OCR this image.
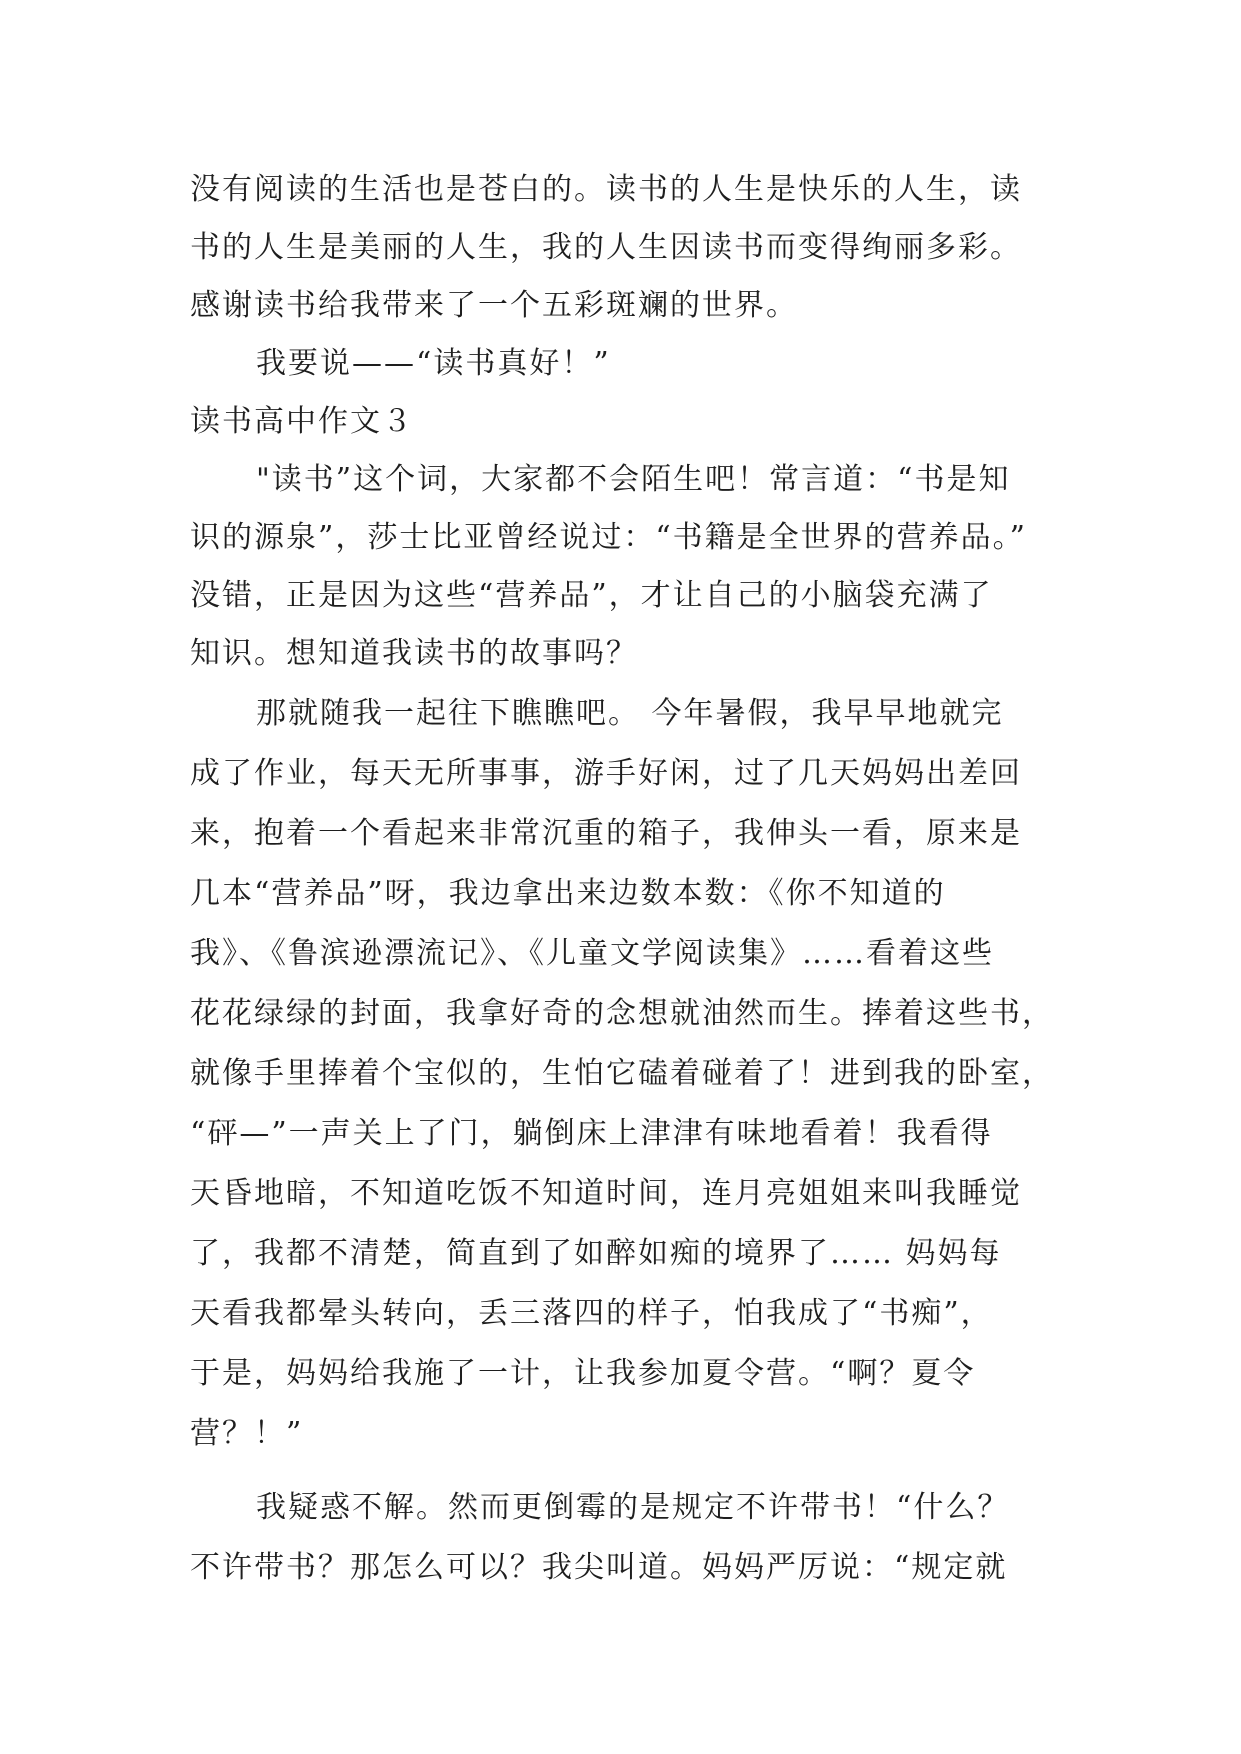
没有阅读的生活也是苍白的。读书的人生是快乐的人生，读
书的人生是美丽的人生，我的人生因读书而变得绚丽多彩。
感谢读书给我带来了一个五彩斑斓的世界。
我要说——“读书真好！”
读书高中作文３
"读书”这个词，大家都不会陌生吧！常言道：“书是知
识的源泉”，莎士比亚曾经说过：“书籍是全世界的营养品。”
没错，正是因为这些“营养品”，才让自己的小脑袋充满了
知识。想知道我读书的故事吗？
那就随我一起往下瞧瞧吧。 今年暑假，我早早地就完
成了作业，每天无所事事，游手好闲，过了几天妈妈出差回
来，抱着一个看起来非常沉重的箱子，我伸头一看，原来是
几本“营养品”呀，我边拿出来边数本数：《你不知道的
我》、《鲁滨逊漂流记》、《儿童文学阅读集》……看着这些
花花绿绿的封面，我拿好奇的念想就油然而生。捧着这些书，
就像手里捧着个宝似的，生怕它磕着碰着了！进到我的卧室，
“砰—”一声关上了门，躺倒床上津津有味地看着！我看得
天昏地暗，不知道吃饭不知道时间，连月亮姐姐来叫我睡觉
了，我都不清楚，简直到了如醉如痴的境界了…… 妈妈每
天看我都晕头转向，丢三落四的样子，怕我成了“书痴”，
于是，妈妈给我施了一计，让我参加夏令营。“啊？夏令
营？！”
我疑惑不解。然而更倒霉的是规定不许带书！“什么？
不许带书？那怎么可以？我尖叫道。妈妈严厉说：“规定就
